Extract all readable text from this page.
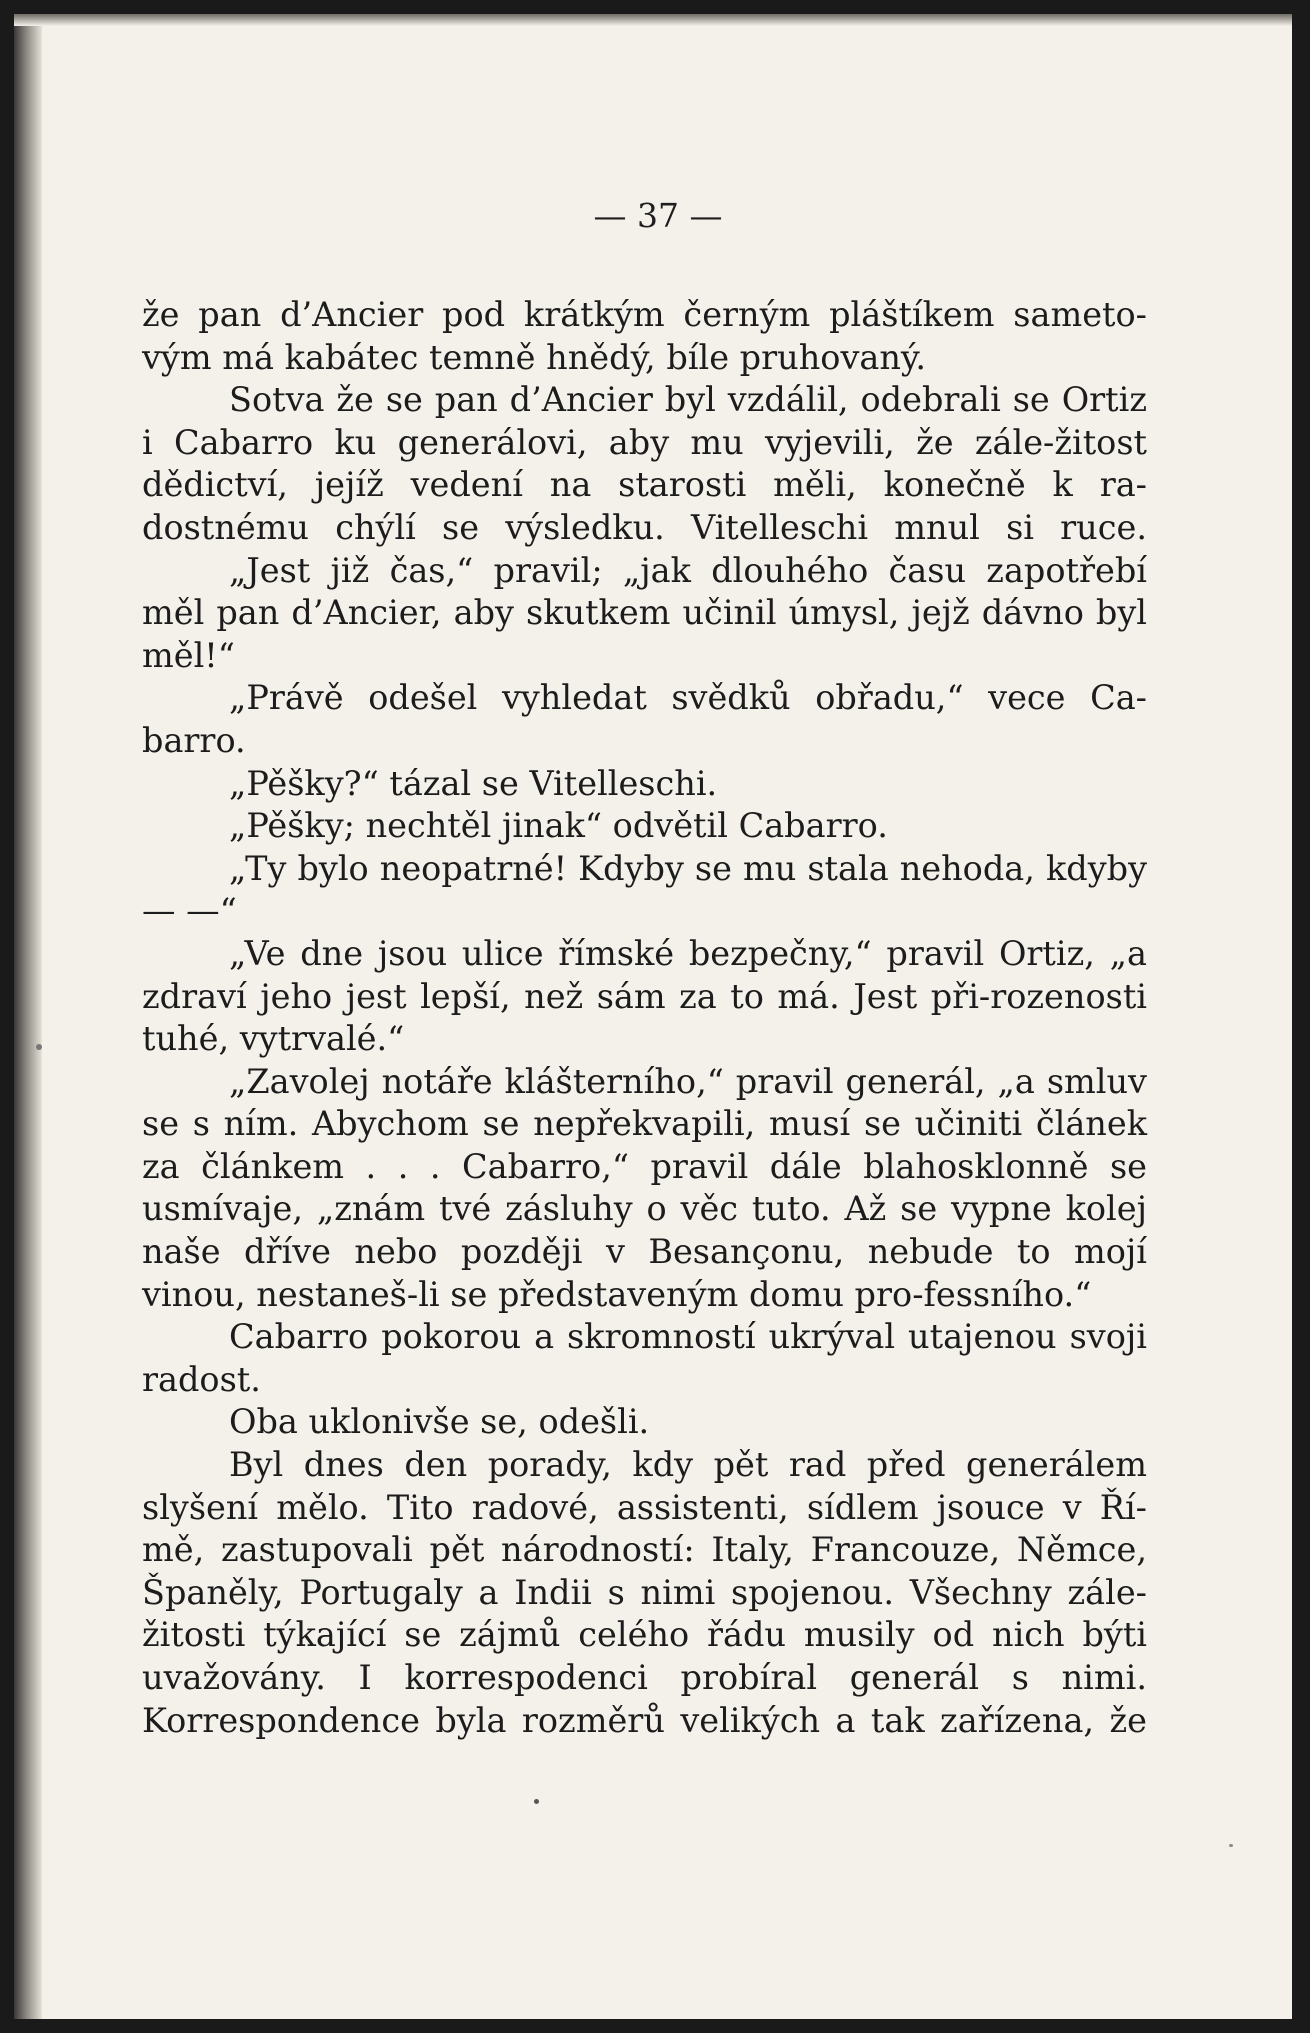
— 37 —

že pan d’Ancier pod krátkým černým pláštíkem sameto-vým má kabátec temně hnědý, bíle pruhovaný.

Sotva že se pan d’Ancier byl vzdálil, odebrali se Ortiz i Cabarro ku generálovi, aby mu vyjevili, že zále-žitost dědictví, jejíž vedení na starosti měli, konečně k ra-dostnému chýlí se výsledku. Vitelleschi mnul si ruce.

„Jest již čas,“ pravil; „jak dlouhého času zapotřebí měl pan d’Ancier, aby skutkem učinil úmysl, jejž dávno byl měl!“

„Právě odešel vyhledat svědků obřadu,“ vece Ca-barro.

„Pěšky?“ tázal se Vitelleschi.

„Pěšky; nechtěl jinak“ odvětil Cabarro.

„Ty bylo neopatrné! Kdyby se mu stala nehoda, kdyby — —“

„Ve dne jsou ulice římské bezpečny,“ pravil Ortiz, „a zdraví jeho jest lepší, než sám za to má. Jest při-rozenosti tuhé, vytrvalé.“

„Zavolej notáře klášterního,“ pravil generál, „a smluv se s ním. Abychom se nepřekvapili, musí se učiniti článek za článkem . . . Cabarro,“ pravil dále blahosklonně se usmívaje, „znám tvé zásluhy o věc tuto. Až se vypne kolej naše dříve nebo později v Besançonu, nebude to mojí vinou, nestaneš-li se představeným domu pro-fessního.“

Cabarro pokorou a skromností ukrýval utajenou svoji radost.

Oba uklonivše se, odešli.

Byl dnes den porady, kdy pět rad před generálem slyšení mělo. Tito radové, assistenti, sídlem jsouce v Ří-mě, zastupovali pět národností: Italy, Francouze, Němce, Španěly, Portugaly a Indii s nimi spojenou. Všechny zále-žitosti týkající se zájmů celého řádu musily od nich býti uvažovány. I korrespodenci probíral generál s nimi. Korrespondence byla rozměrů velikých a tak zařízena, že
